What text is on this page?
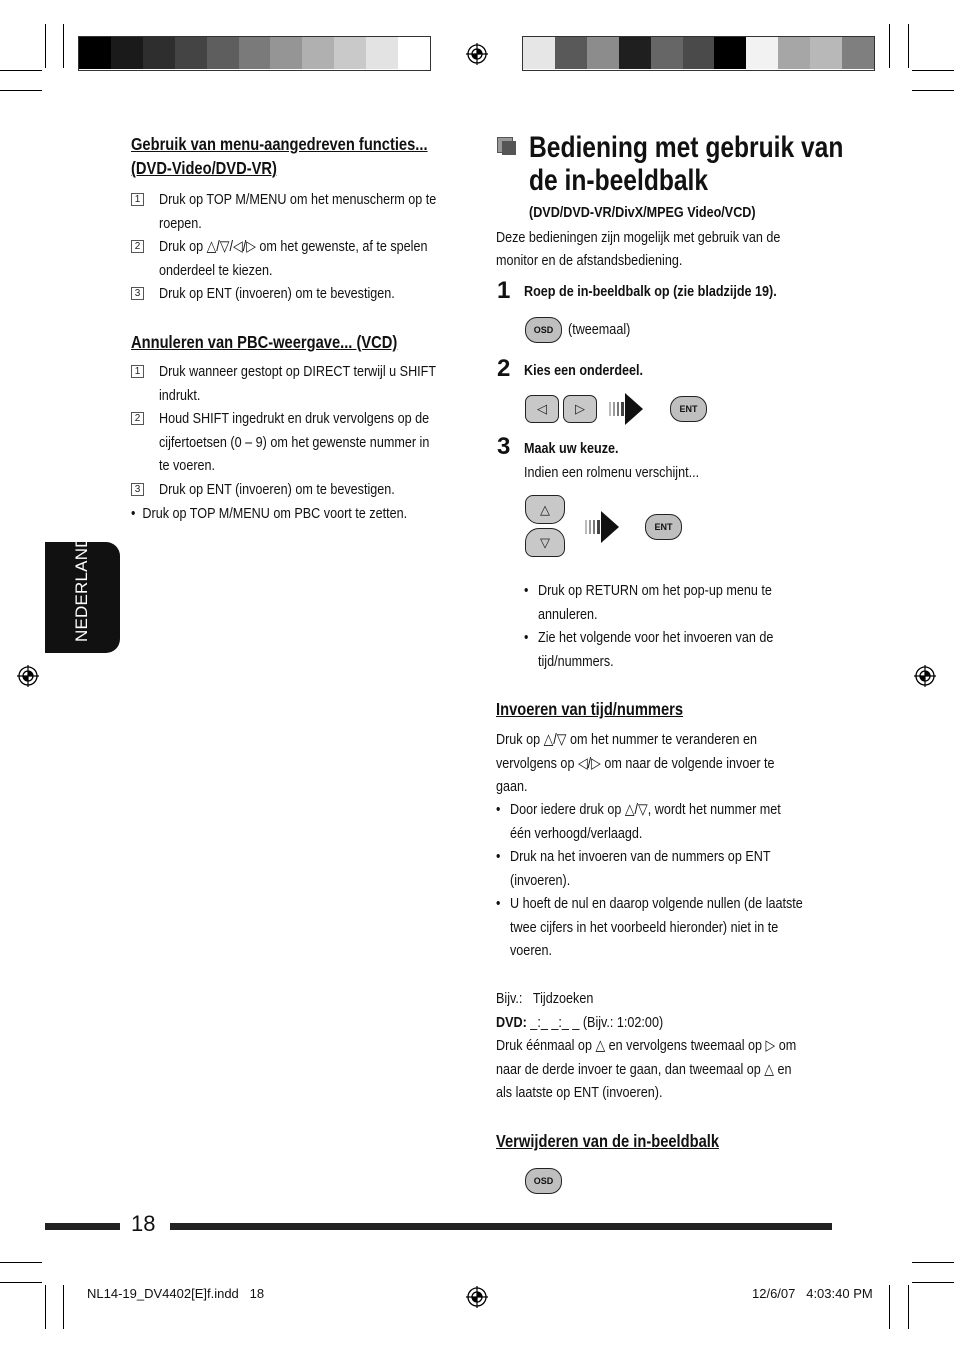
Gebruik van menu-aangedreven functies...
(DVD-Video/DVD-VR)
1 Druk op TOP M/MENU om het menuscherm op te
roepen.
2 Druk op △/▽/◁/▷ om het gewenste, af te spelen
onderdeel te kiezen.
3 Druk op ENT (invoeren) om te bevestigen.
Annuleren van PBC-weergave... (VCD)
1 Druk wanneer gestopt op DIRECT terwijl u SHIFT
indrukt.
2 Houd SHIFT ingedrukt en druk vervolgens op de
cijfertoetsen (0 – 9) om het gewenste nummer in
te voeren.
3 Druk op ENT (invoeren) om te bevestigen.
•  Druk op TOP M/MENU om PBC voort te zetten.
NEDERLANDS
Bediening met gebruik van
de in-beeldbalk
(DVD/DVD-VR/DivX/MPEG Video/VCD)
Deze bedieningen zijn mogelijk met gebruik van de
monitor en de afstandsbediening.
1 Roep de in-beeldbalk op (zie bladzijde 19).
OSD (tweemaal)
2 Kies een onderdeel.
◁	▷	ENT
3 Maak uw keuze.
Indien een rolmenu verschijnt...
△
▽
ENT
• Druk op RETURN om het pop-up menu te
annuleren.
• Zie het volgende voor het invoeren van de
tijd/nummers.
Invoeren van tijd/nummers
Druk op △/▽ om het nummer te veranderen en
vervolgens op ◁/▷ om naar de volgende invoer te
gaan.
• Door iedere druk op △/▽, wordt het nummer met
één verhoogd/verlaagd.
• Druk na het invoeren van de nummers op ENT
(invoeren).
• U hoeft de nul en daarop volgende nullen (de laatste
twee cijfers in het voorbeeld hieronder) niet in te
voeren.
Bijv.: Tijdzoeken
DVD: _:_ _:_ _ (Bijv.: 1:02:00)
Druk éénmaal op △ en vervolgens tweemaal op ▷ om
naar de derde invoer te gaan, dan tweemaal op △ en
als laatste op ENT (invoeren).
Verwijderen van de in-beeldbalk
OSD
18
NL14-19_DV4402[E]f.indd   18	12/6/07   4:03:40 PM
